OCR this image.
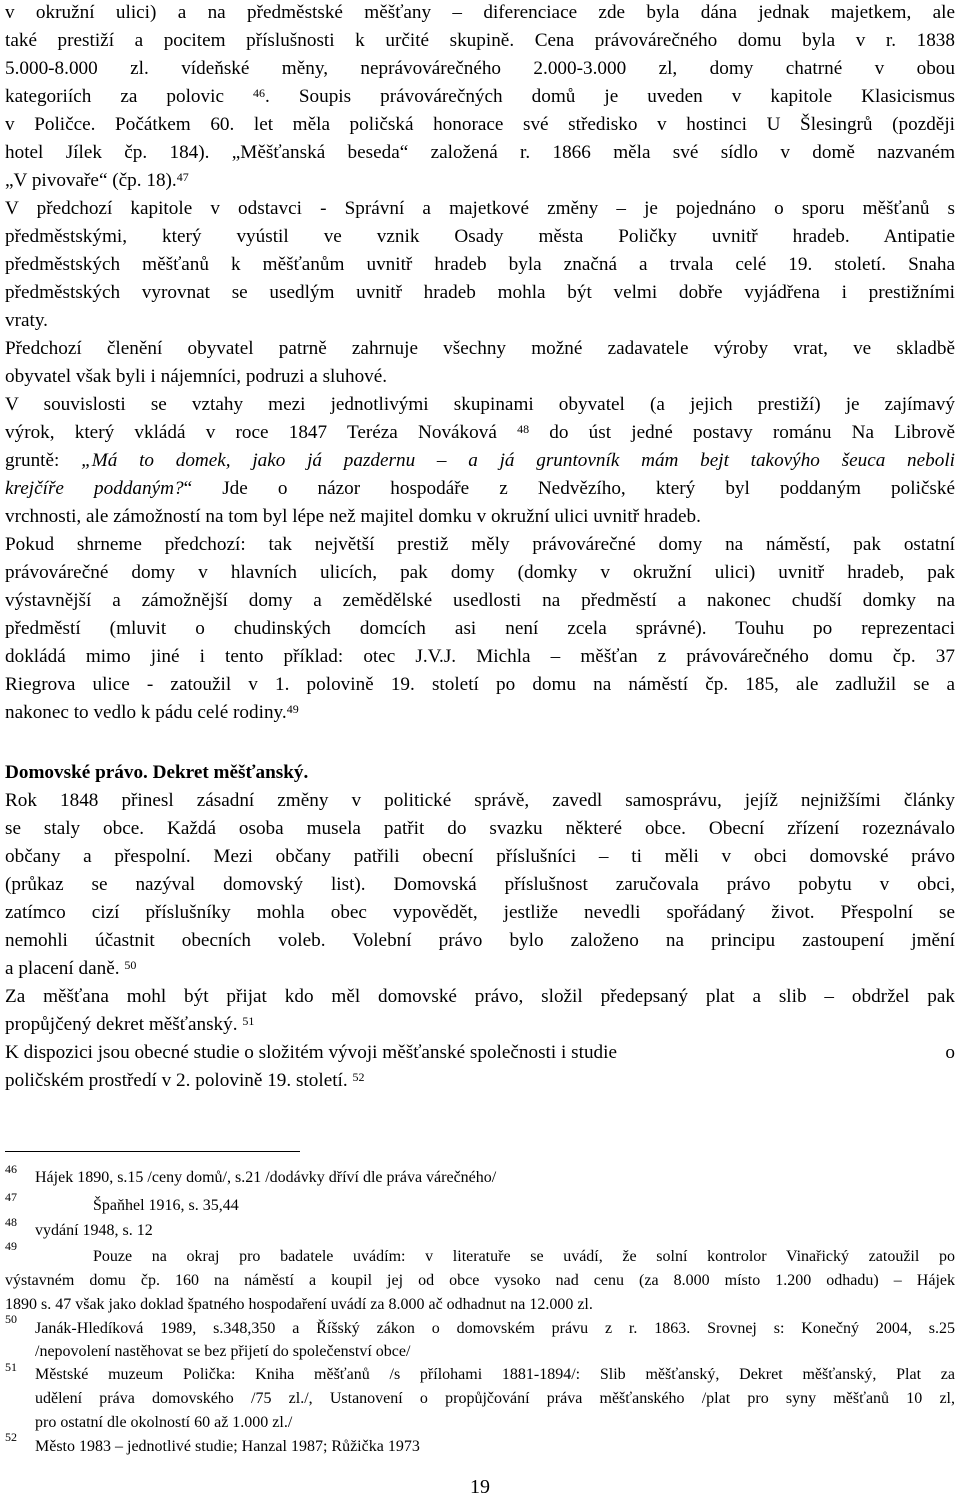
v okružní ulici) a na předměstské měšťany – diferenciace zde byla dána jednak majetkem, ale
také prestiží a pocitem příslušnosti k určité skupině. Cena právovárečného domu byla v r. 1838
5.000-8.000 zl. vídeňské měny, neprávovárečného 2.000-3.000 zl, domy chatrné v obou
kategoriích za polovic $^{46}$. Soupis právovárečných domů je uveden v kapitole Klasicismus
v Poličce. Počátkem 60. let měla poličská honorace své středisko v hostinci U Šlesingrů (později
hotel Jílek čp. 184). „Měšťanská beseda“ založená r. 1866 měla své sídlo v domě nazvaném
„V pivovaře“ (čp. 18).$^{47}$
V předchozí kapitole v odstavci - Správní a majetkové změny – je pojednáno o sporu měšťanů s
předměstskými, který vyústil ve vznik Osady města Poličky uvnitř hradeb. Antipatie
předměstských měšťanů k měšťanům uvnitř hradeb byla značná a trvala celé 19. století. Snaha
předměstských vyrovnat se usedlým uvnitř hradeb mohla být velmi dobře vyjádřena i prestižními
vraty.
Předchozí členění obyvatel patrně zahrnuje všechny možné zadavatele výroby vrat, ve skladbě
obyvatel však byli i nájemníci, podruzi a sluhové.
V souvislosti se vztahy mezi jednotlivými skupinami obyvatel (a jejich prestiží) je zajímavý
výrok, který vkládá v roce 1847 Teréza Nováková $^{48}$ do úst jedné postavy románu Na Librově
gruntě: „Má to domek, jako já pazdernu – a já gruntovník mám bejt takovýho šeuca neboli
krejčíře poddaným?“ Jde o názor hospodáře z Nedvězího, který byl poddaným poličské
vrchnosti, ale zámožností na tom byl lépe než majitel domku v okružní ulici uvnitř hradeb.
Pokud shrneme předchozí: tak největší prestiž měly právovárečné domy na náměstí, pak ostatní
právovárečné domy v hlavních ulicích, pak domy (domky v okružní ulici) uvnitř hradeb, pak
výstavnější a zámožnější domy a zemědělské usedlosti na předměstí a nakonec chudší domky na
předměstí (mluvit o chudinských domcích asi není zcela správné). Touhu po reprezentaci
dokládá mimo jiné i tento příklad: otec J.V.J. Michla – měšťan z právovárečného domu čp. 37
Riegrova ulice - zatoužil v 1. polovině 19. století po domu na náměstí čp. 185, ale zadlužil se a
nakonec to vedlo k pádu celé rodiny.$^{49}$
Domovské právo. Dekret měšťanský.
Rok 1848 přinesl zásadní změny v politické správě, zavedl samosprávu, jejíž nejnižšími články
se staly obce. Každá osoba musela patřit do svazku některé obce. Obecní zřízení rozeznávalo
občany a přespolní. Mezi občany patřili obecní příslušníci – ti měli v obci domovské právo
(průkaz se nazýval domovský list). Domovská příslušnost zaručovala právo pobytu v obci,
zatímco cizí příslušníky mohla obec vypovědět, jestliže nevedli spořádaný život. Přespolní se
nemohli účastnit obecních voleb. Volební právo bylo založeno na principu zastoupení jmění
a placení daně. $^{50}$
Za měšťana mohl být přijat kdo měl domovské právo, složil předepsaný plat a slib – obdržel pak
propůjčený dekret měšťanský. $^{51}$
K dispozici jsou obecné studie o složitém vývoji měšťanské společnosti i studie	o
poličském prostředí v 2. polovině 19. století. $^{52}$
46 Hájek 1890, s.15 /ceny domů/, s.21 /dodávky dříví dle práva várečného/
47	Špaňhel 1916, s. 35,44
48 vydání 1948, s. 12
49
Pouze na okraj pro badatele uvádím: v literatuře se uvádí, že solní kontrolor Vinařický zatoužil po
výstavném domu čp. 160 na náměstí a koupil jej od obce vysoko nad cenu (za 8.000 místo 1.200 odhadu) – Hájek
1890 s. 47 však jako doklad špatného hospodaření uvádí za 8.000 ač odhadnut na 12.000 zl.
50
Janák-Hledíková 1989, s.348,350 a Říšský zákon o domovském právu z r. 1863. Srovnej s: Konečný 2004, s.25
/nepovolení nastěhovat se bez přijetí do společenství obce/
51 Městské muzeum Polička: Kniha měšťanů /s přílohami 1881-1894/: Slib měšťanský, Dekret měšťanský, Plat za
udělení práva domovského /75 zl./, Ustanovení o propůjčování práva měšťanského /plat pro syny měšťanů 10 zl,
pro ostatní dle okolností 60 až 1.000 zl./
52
Město 1983 – jednotlivé studie; Hanzal 1987; Růžička 1973
19
